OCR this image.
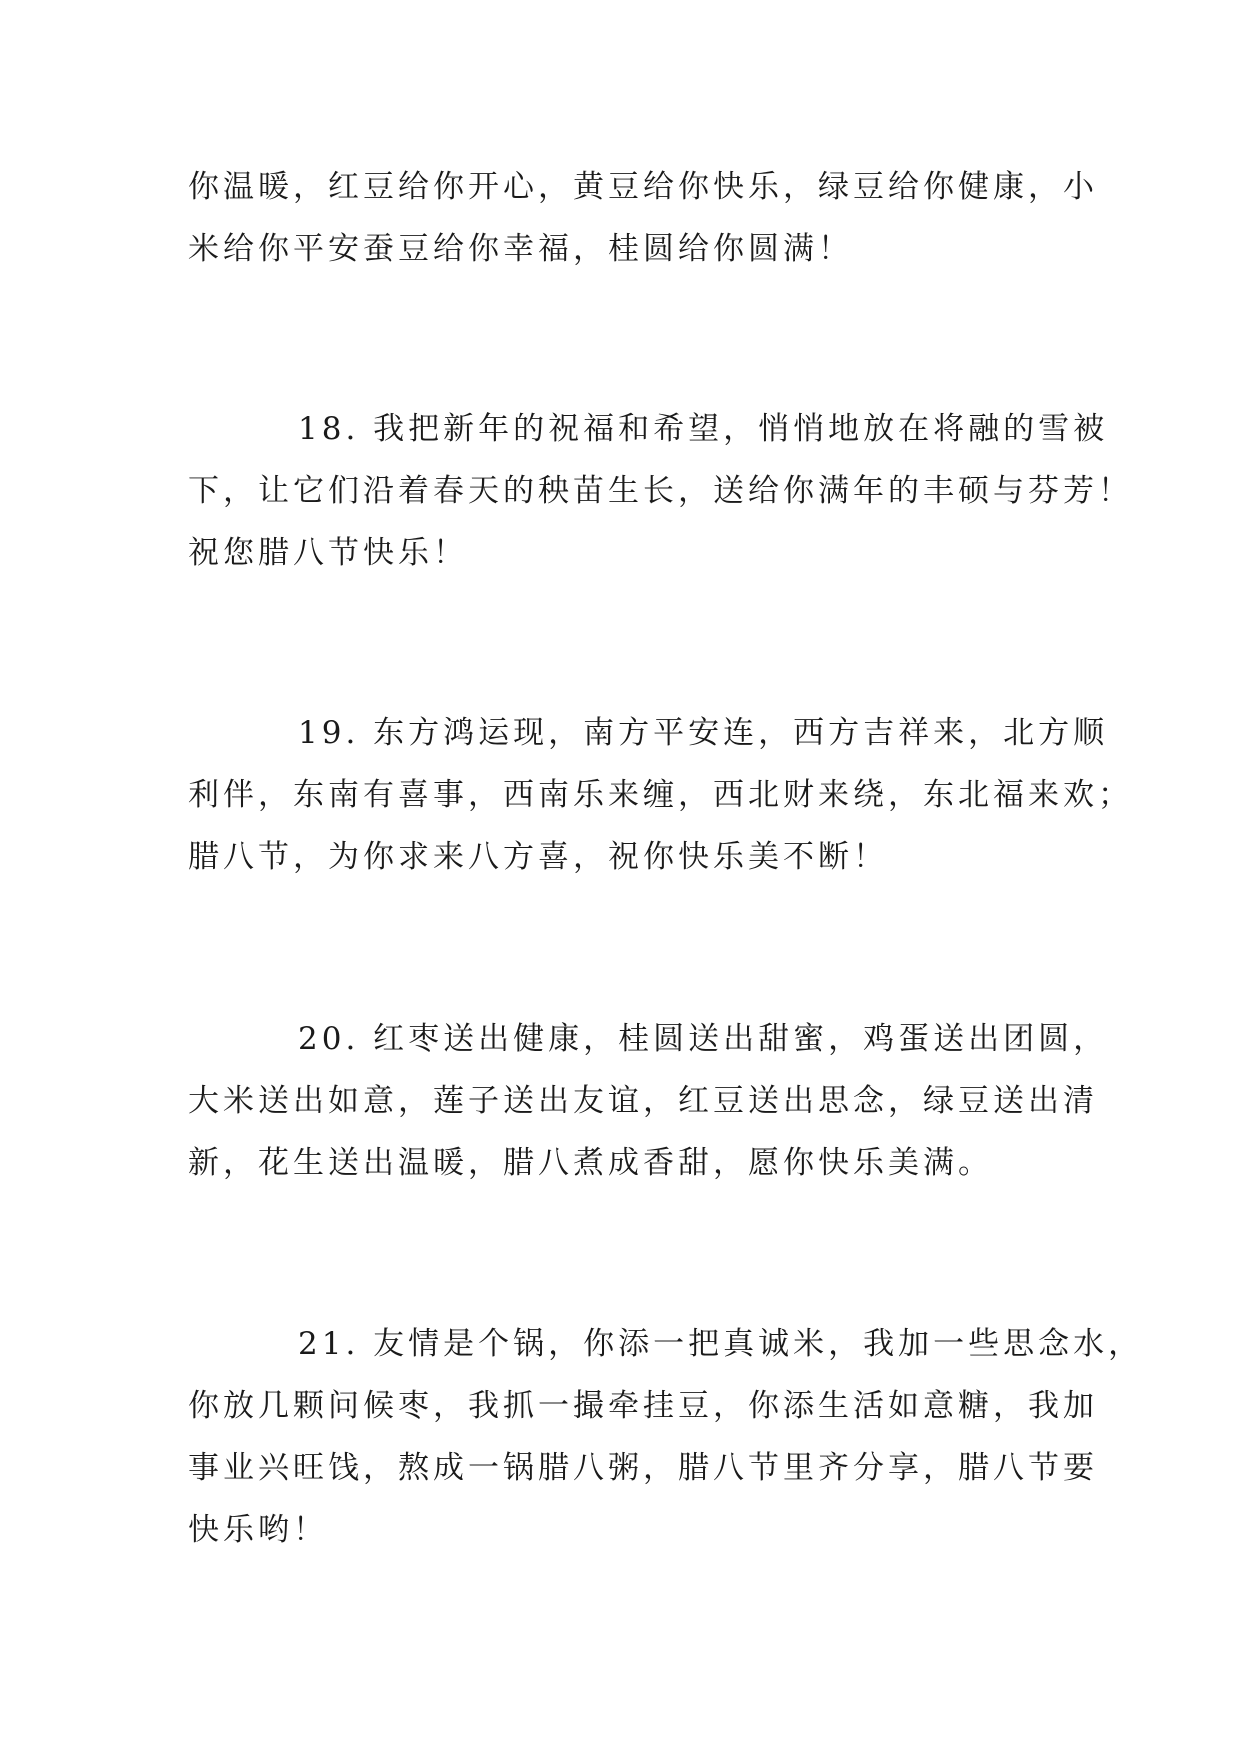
你温暖，红豆给你开心，黄豆给你快乐，绿豆给你健康，小
米给你平安蚕豆给你幸福，桂圆给你圆满！
18. 我把新年的祝福和希望，悄悄地放在将融的雪被
下，让它们沿着春天的秧苗生长，送给你满年的丰硕与芬芳！
祝您腊八节快乐！
19. 东方鸿运现，南方平安连，西方吉祥来，北方顺
利伴，东南有喜事，西南乐来缠，西北财来绕，东北福来欢；
腊八节，为你求来八方喜，祝你快乐美不断！
20. 红枣送出健康，桂圆送出甜蜜，鸡蛋送出团圆，
大米送出如意，莲子送出友谊，红豆送出思念，绿豆送出清
新，花生送出温暖，腊八煮成香甜，愿你快乐美满。
21. 友情是个锅，你添一把真诚米，我加一些思念水，
你放几颗问候枣，我抓一撮牵挂豆，你添生活如意糖，我加
事业兴旺饯，熬成一锅腊八粥，腊八节里齐分享，腊八节要
快乐哟！
